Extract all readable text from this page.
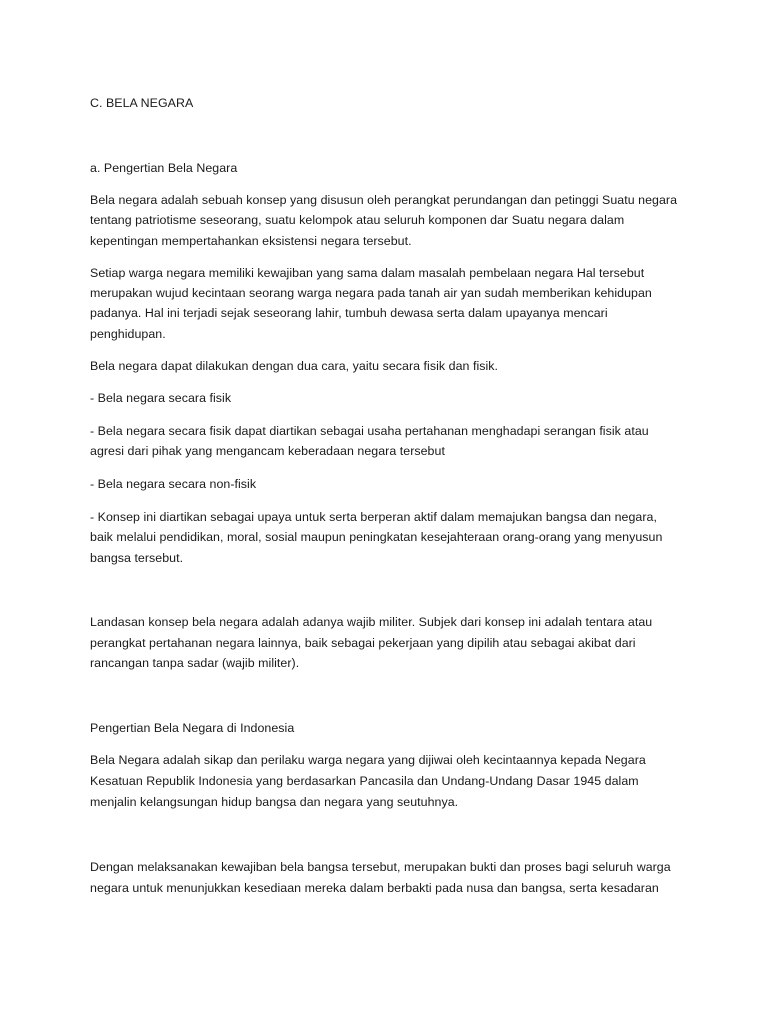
C. BELA NEGARA

a. Pengertian Bela Negara

Bela negara adalah sebuah konsep yang disusun oleh perangkat perundangan dan petinggi Suatu negara

tentang patriotisme seseorang, suatu kelompok atau seluruh komponen dar Suatu negara dalam

kepentingan mempertahankan eksistensi negara tersebut.

Setiap warga negara memiliki kewajiban yang sama dalam masalah pembelaan negara Hal tersebut

merupakan wujud kecintaan seorang warga negara pada tanah air yan sudah memberikan kehidupan

padanya. Hal ini terjadi sejak seseorang lahir, tumbuh dewasa serta dalam upayanya mencari

penghidupan.

Bela negara dapat dilakukan dengan dua cara, yaitu secara fisik dan fisik.

- Bela negara secara fisik

- Bela negara secara fisik dapat diartikan sebagai usaha pertahanan menghadapi serangan fisik atau

agresi dari pihak yang mengancam keberadaan negara tersebut

- Bela negara secara non-fisik

- Konsep ini diartikan sebagai upaya untuk serta berperan aktif dalam memajukan bangsa dan negara,

baik melalui pendidikan, moral, sosial maupun peningkatan kesejahteraan orang-orang yang menyusun

bangsa tersebut.

Landasan konsep bela negara adalah adanya wajib militer. Subjek dari konsep ini adalah tentara atau

perangkat pertahanan negara lainnya, baik sebagai pekerjaan yang dipilih atau sebagai akibat dari

rancangan tanpa sadar (wajib militer).

Pengertian Bela Negara di Indonesia

Bela Negara adalah sikap dan perilaku warga negara yang dijiwai oleh kecintaannya kepada Negara

Kesatuan Republik Indonesia yang berdasarkan Pancasila dan Undang-Undang Dasar 1945 dalam

menjalin kelangsungan hidup bangsa dan negara yang seutuhnya.

Dengan melaksanakan kewajiban bela bangsa tersebut, merupakan bukti dan proses bagi seluruh warga

negara untuk menunjukkan kesediaan mereka dalam berbakti pada nusa dan bangsa, serta kesadaran
